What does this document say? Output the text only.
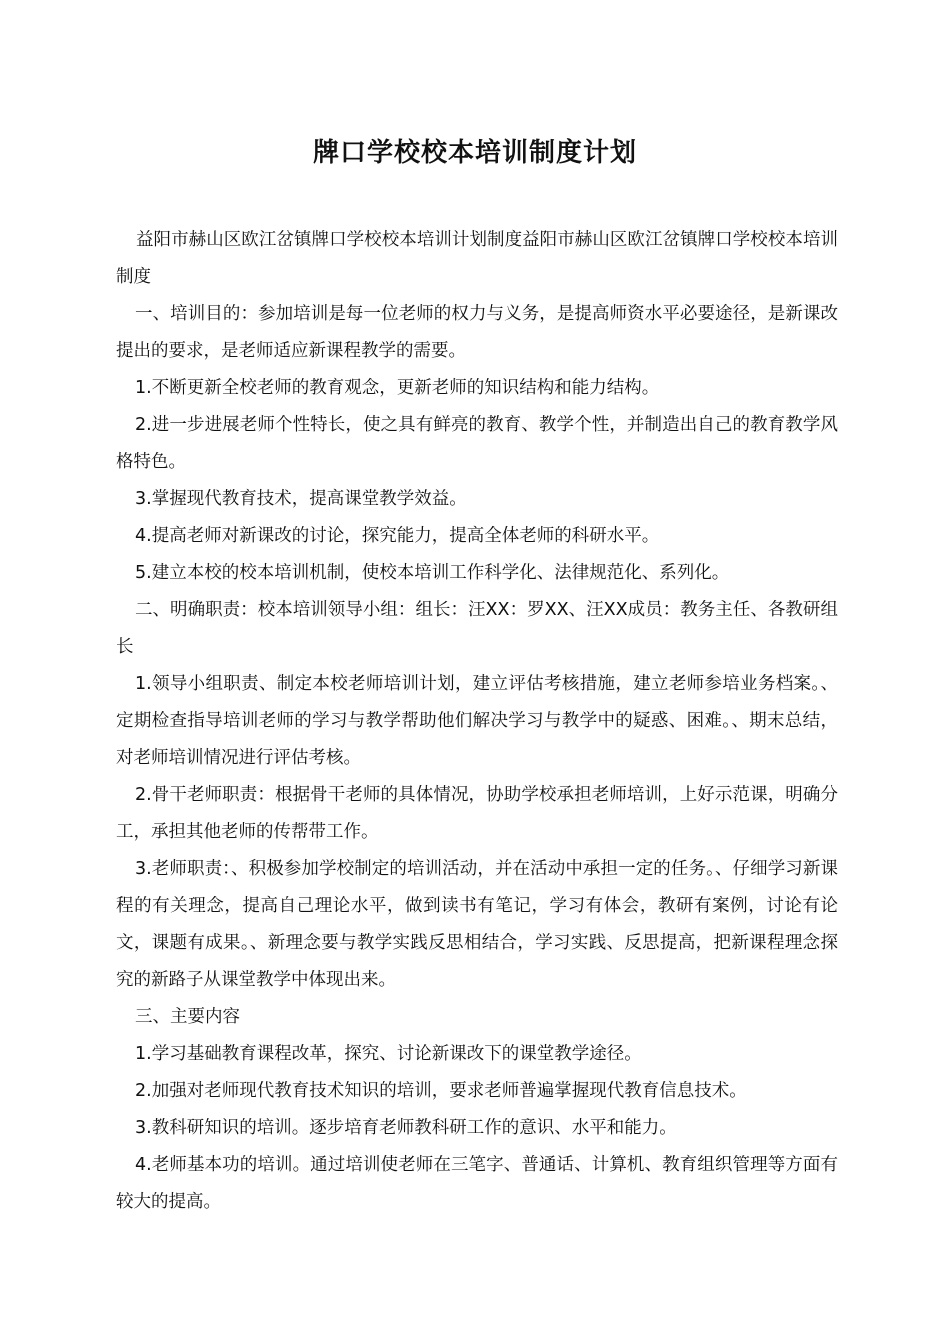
牌口学校校本培训制度计划

益阳市赫山区欧江岔镇牌口学校校本培训计划制度益阳市赫山区欧江岔镇牌口学校校本培训制度

一、培训目的：参加培训是每一位老师的权力与义务，是提高师资水平必要途径，是新课改提出的要求，是老师适应新课程教学的需要。

1.不断更新全校老师的教育观念，更新老师的知识结构和能力结构。

2.进一步进展老师个性特长，使之具有鲜亮的教育、教学个性，并制造出自己的教育教学风格特色。

3.掌握现代教育技术，提高课堂教学效益。

4.提高老师对新课改的讨论，探究能力，提高全体老师的科研水平。

5.建立本校的校本培训机制，使校本培训工作科学化、法律规范化、系列化。

二、明确职责：校本培训领导小组：组长：汪XX：罗XX、汪XX成员：教务主任、各教研组长

1.领导小组职责、制定本校老师培训计划，建立评估考核措施，建立老师参培业务档案。、定期检查指导培训老师的学习与教学帮助他们解决学习与教学中的疑惑、困难。、期末总结，对老师培训情况进行评估考核。

2.骨干老师职责：根据骨干老师的具体情况，协助学校承担老师培训，上好示范课，明确分工，承担其他老师的传帮带工作。

3.老师职责：、积极参加学校制定的培训活动，并在活动中承担一定的任务。、仔细学习新课程的有关理念，提高自己理论水平，做到读书有笔记，学习有体会，教研有案例，讨论有论文，课题有成果。、新理念要与教学实践反思相结合，学习实践、反思提高，把新课程理念探究的新路子从课堂教学中体现出来。

三、主要内容

1.学习基础教育课程改革，探究、讨论新课改下的课堂教学途径。

2.加强对老师现代教育技术知识的培训，要求老师普遍掌握现代教育信息技术。

3.教科研知识的培训。逐步培育老师教科研工作的意识、水平和能力。

4.老师基本功的培训。通过培训使老师在三笔字、普通话、计算机、教育组织管理等方面有较大的提高。
